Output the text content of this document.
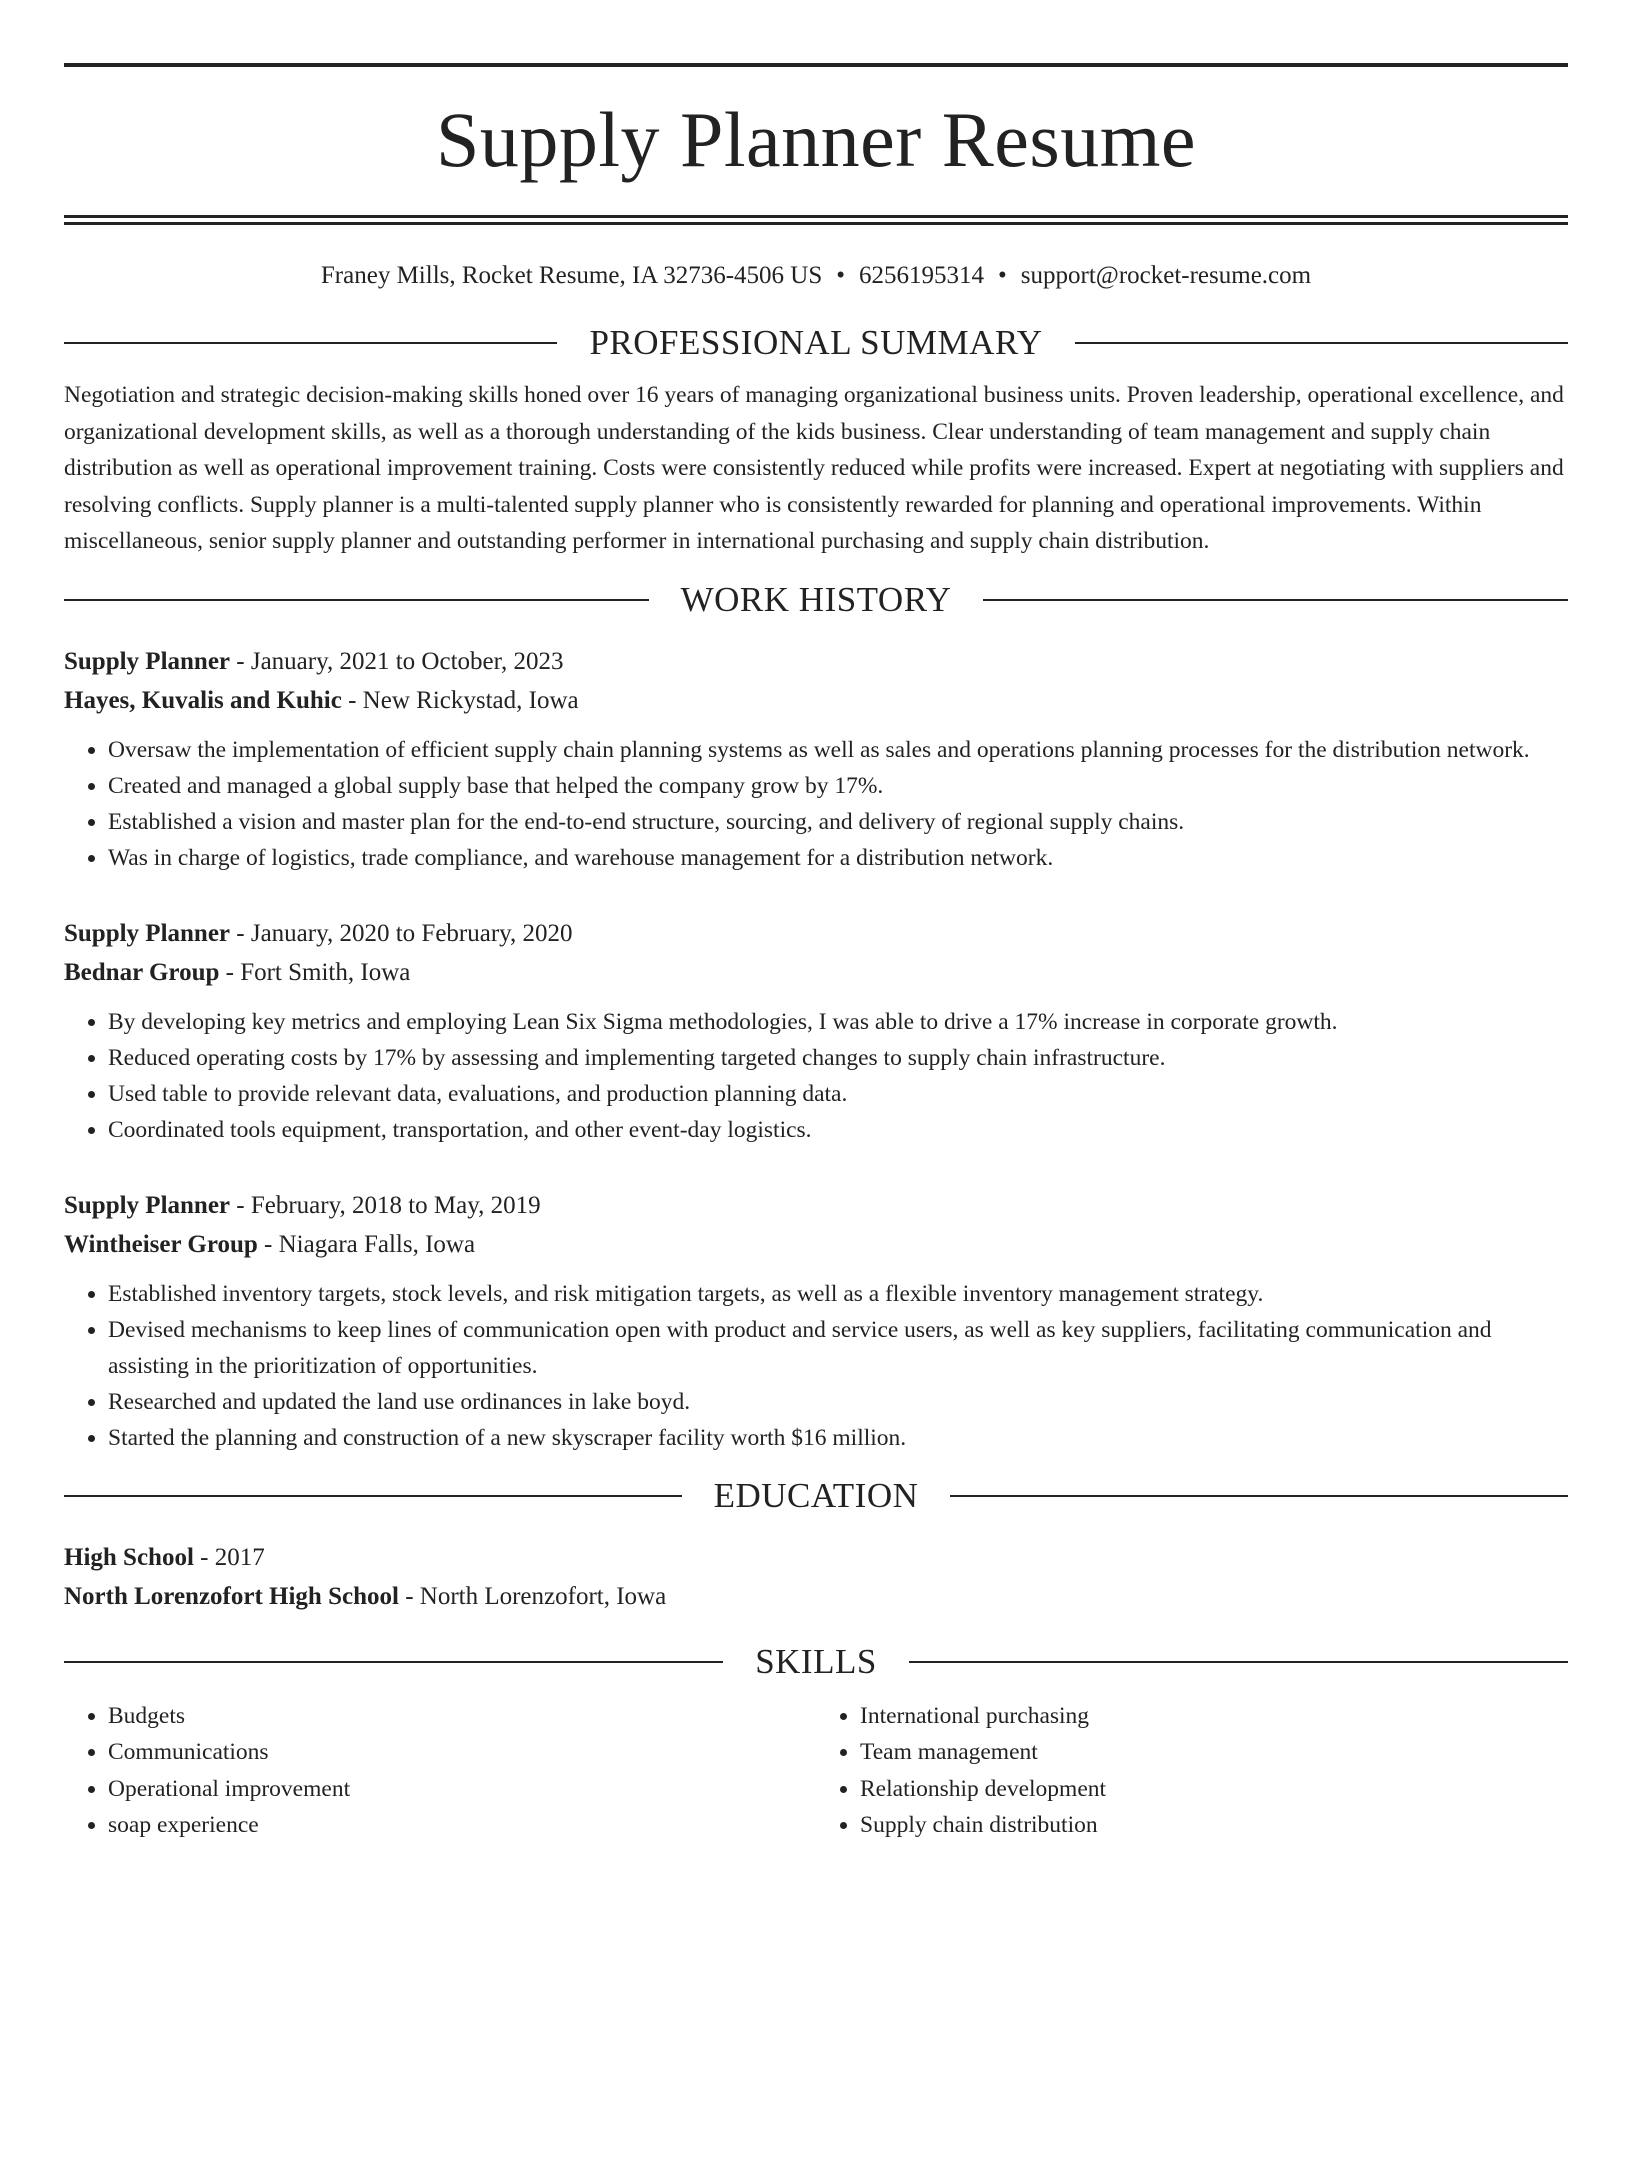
Supply Planner Resume
Franey Mills, Rocket Resume, IA 32736-4506 US • 6256195314 • support@rocket-resume.com
PROFESSIONAL SUMMARY

Negotiation and strategic decision-making skills honed over 16 years of managing organizational business units. Proven leadership, operational excellence, and organizational development skills, as well as a thorough understanding of the kids business. Clear understanding of team management and supply chain distribution as well as operational improvement training. Costs were consistently reduced while profits were increased. Expert at negotiating with suppliers and resolving conflicts. Supply planner is a multi-talented supply planner who is consistently rewarded for planning and operational improvements. Within miscellaneous, senior supply planner and outstanding performer in international purchasing and supply chain distribution.

WORK HISTORY
Supply Planner - January, 2021 to October, 2023
Hayes, Kuvalis and Kuhic - New Rickystad, Iowa
• Oversaw the implementation of efficient supply chain planning systems as well as sales and operations planning processes for the distribution network.
• Created and managed a global supply base that helped the company grow by 17%.
• Established a vision and master plan for the end-to-end structure, sourcing, and delivery of regional supply chains.
• Was in charge of logistics, trade compliance, and warehouse management for a distribution network.
Supply Planner - January, 2020 to February, 2020
Bednar Group - Fort Smith, Iowa
• By developing key metrics and employing Lean Six Sigma methodologies, I was able to drive a 17% increase in corporate growth.
• Reduced operating costs by 17% by assessing and implementing targeted changes to supply chain infrastructure.
• Used table to provide relevant data, evaluations, and production planning data.
• Coordinated tools equipment, transportation, and other event-day logistics.
Supply Planner - February, 2018 to May, 2019
Wintheiser Group - Niagara Falls, Iowa
• Established inventory targets, stock levels, and risk mitigation targets, as well as a flexible inventory management strategy.
• Devised mechanisms to keep lines of communication open with product and service users, as well as key suppliers, facilitating communication and assisting in the prioritization of opportunities.
• Researched and updated the land use ordinances in lake boyd.
• Started the planning and construction of a new skyscraper facility worth $16 million.
EDUCATION
High School - 2017
North Lorenzofort High School - North Lorenzofort, Iowa
SKILLS
• Budgets
• Communications
• Operational improvement
• soap experience
• International purchasing
• Team management
• Relationship development
• Supply chain distribution
